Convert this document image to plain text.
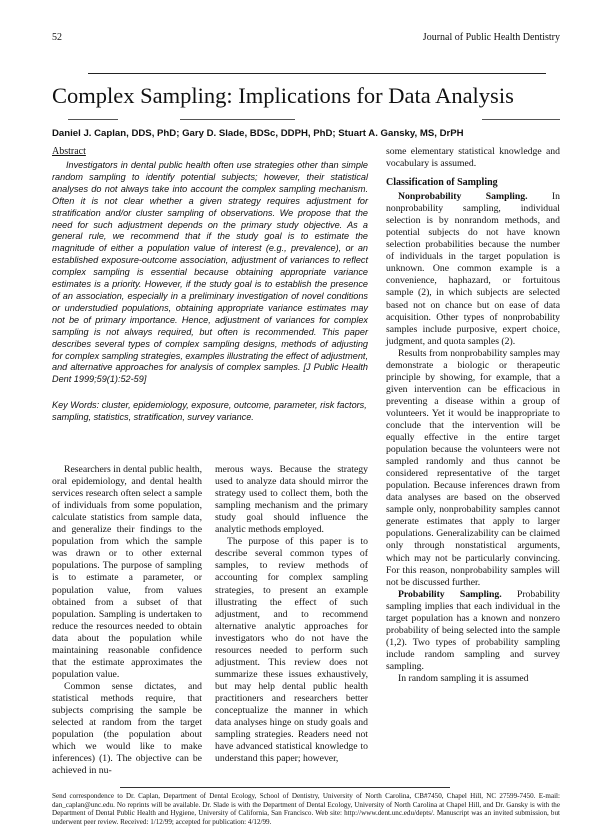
52	Journal of Public Health Dentistry
Complex Sampling: Implications for Data Analysis
Daniel J. Caplan, DDS, PhD; Gary D. Slade, BDSc, DDPH, PhD; Stuart A. Gansky, MS, DrPH
Abstract

Investigators in dental public health often use strategies other than simple random sampling to identify potential subjects; however, their statistical analyses do not always take into account the complex sampling mechanism. Often it is not clear whether a given strategy requires adjustment for stratification and/or cluster sampling of observations. We propose that the need for such adjustment depends on the primary study objective. As a general rule, we recommend that if the study goal is to estimate the magnitude of either a population value of interest (e.g., prevalence), or an established exposure-outcome association, adjustment of variances to reflect complex sampling is essential because obtaining appropriate variance estimates is a priority. However, if the study goal is to establish the presence of an association, especially in a preliminary investigation of novel conditions or understudied populations, obtaining appropriate variance estimates may not be of primary importance. Hence, adjustment of variances for complex sampling is not always required, but often is recommended. This paper describes several types of complex sampling designs, methods of adjusting for complex sampling strategies, examples illustrating the effect of adjustment, and alternative approaches for analysis of complex samples. [J Public Health Dent 1999;59(1):52-59]

Key Words: cluster, epidemiology, exposure, outcome, parameter, risk factors, sampling, statistics, stratification, survey variance.

Researchers in dental public health, oral epidemiology, and dental health services research often select a sample of individuals from some population, calculate statistics from sample data, and generalize their findings to the population from which the sample was drawn or to other external populations. The purpose of sampling is to estimate a parameter, or population value, from values obtained from a subset of that population. Sampling is undertaken to reduce the resources needed to obtain data about the population while maintaining reasonable confidence that the estimate approximates the population value.

Common sense dictates, and statistical methods require, that subjects comprising the sample be selected at random from the target population (the population about which we would like to make inferences) (1). The objective can be achieved in nu-

merous ways. Because the strategy used to analyze data should mirror the strategy used to collect them, both the sampling mechanism and the primary study goal should influence the analytic methods employed.

The purpose of this paper is to describe several common types of samples, to review methods of accounting for complex sampling strategies, to present an example illustrating the effect of such adjustment, and to recommend alternative analytic approaches for investigators who do not have the resources needed to perform such adjustment. This review does not summarize these issues exhaustively, but may help dental public health practitioners and researchers better conceptualize the manner in which data analyses hinge on study goals and sampling strategies. Readers need not have advanced statistical knowledge to understand this paper; however,

some elementary statistical knowledge and vocabulary is assumed.

Classification of Sampling

Nonprobability Sampling. In nonprobability sampling, individual selection is by nonrandom methods, and potential subjects do not have known selection probabilities because the number of individuals in the target population is unknown. One common example is a convenience, haphazard, or fortuitous sample (2), in which subjects are selected based not on chance but on ease of data acquisition. Other types of nonprobability samples include purposive, expert choice, judgment, and quota samples (2).

Results from nonprobability samples may demonstrate a biologic or therapeutic principle by showing, for example, that a given intervention can be efficacious in preventing a disease within a group of volunteers. Yet it would be inappropriate to conclude that the intervention will be equally effective in the entire target population because the volunteers were not sampled randomly and thus cannot be considered representative of the target population. Because inferences drawn from data analyses are based on the observed sample only, nonprobability samples cannot generate estimates that apply to larger populations. Generalizability can be claimed only through nonstatistical arguments, which may not be particularly convincing. For this reason, nonprobability samples will not be discussed further.

Probability Sampling. Probability sampling implies that each individual in the target population has a known and nonzero probability of being selected into the sample (1,2). Two types of probability sampling include random sampling and survey sampling.

In random sampling it is assumed

Send correspondence to Dr. Caplan, Department of Dental Ecology, School of Dentistry, University of North Carolina, CB#7450, Chapel Hill, NC 27599-7450. E-mail: dan_caplan@unc.edu. No reprints will be available. Dr. Slade is with the Department of Dental Ecology, University of North Carolina at Chapel Hill, and Dr. Gansky is with the Department of Dental Public Health and Hygiene, University of California, San Francisco. Web site: http://www.dent.unc.edu/depts/. Manuscript was an invited submission, but underwent peer review. Received: 1/12/99; accepted for publication: 4/12/99.
